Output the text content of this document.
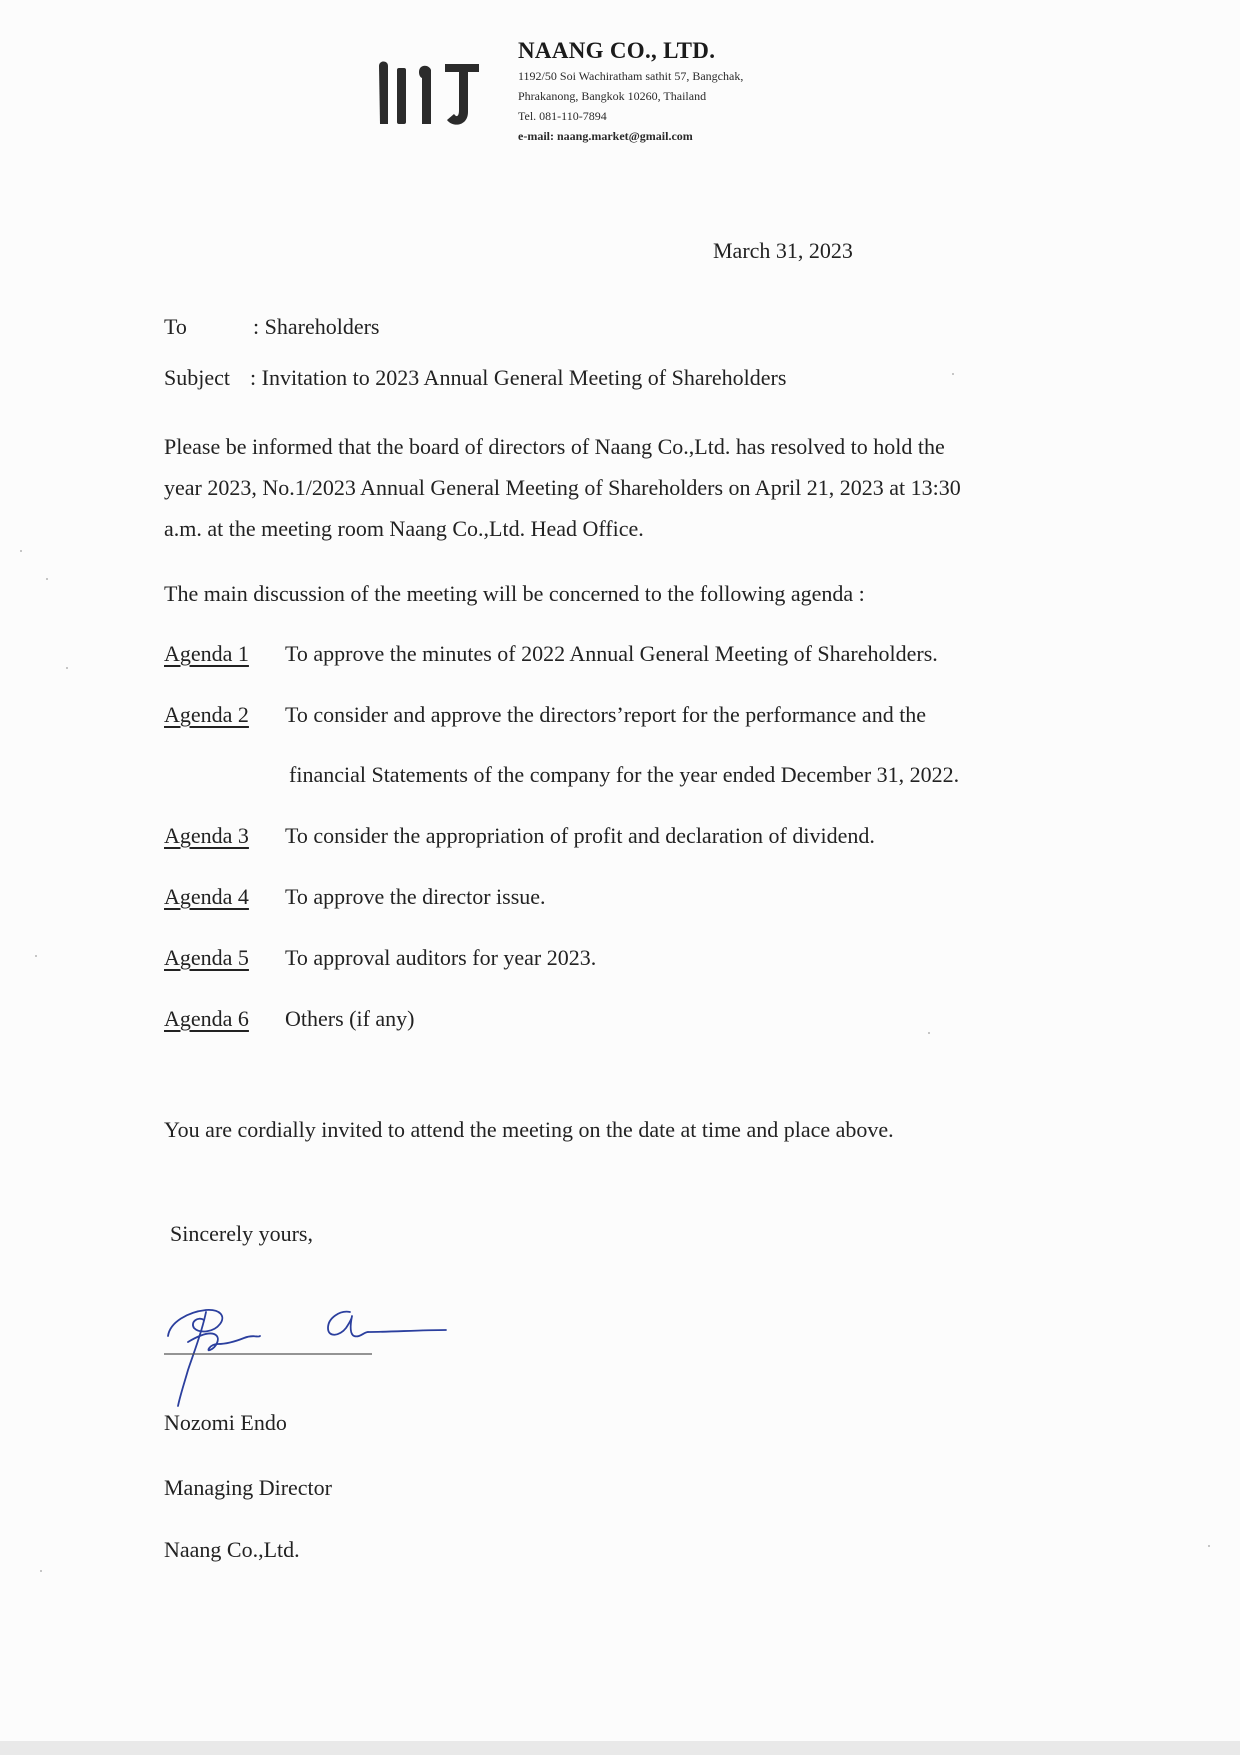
NAANG CO., LTD.
1192/50 Soi Wachiratham sathit 57, Bangchak,
Phrakanong, Bangkok 10260, Thailand
Tel. 081-110-7894
e-mail: naang.market@gmail.com
March 31, 2023
To	: Shareholders
Subject : Invitation to 2023 Annual General Meeting of Shareholders
Please be informed that the board of directors of Naang Co.,Ltd. has resolved to hold the
year 2023, No.1/2023 Annual General Meeting of Shareholders on April 21, 2023 at 13:30
a.m. at the meeting room Naang Co.,Ltd. Head Office.
The main discussion of the meeting will be concerned to the following agenda :
Agenda 1 To approve the minutes of 2022 Annual General Meeting of Shareholders.
Agenda 2 To consider and approve the directors’report for the performance and the
financial Statements of the company for the year ended December 31, 2022.
Agenda 3 To consider the appropriation of profit and declaration of dividend.
Agenda 4 To approve the director issue.
Agenda 5 To approval auditors for year 2023.
Agenda 6 Others (if any)
You are cordially invited to attend the meeting on the date at time and place above.
Sincerely yours,
Nozomi Endo
Managing Director
Naang Co.,Ltd.
